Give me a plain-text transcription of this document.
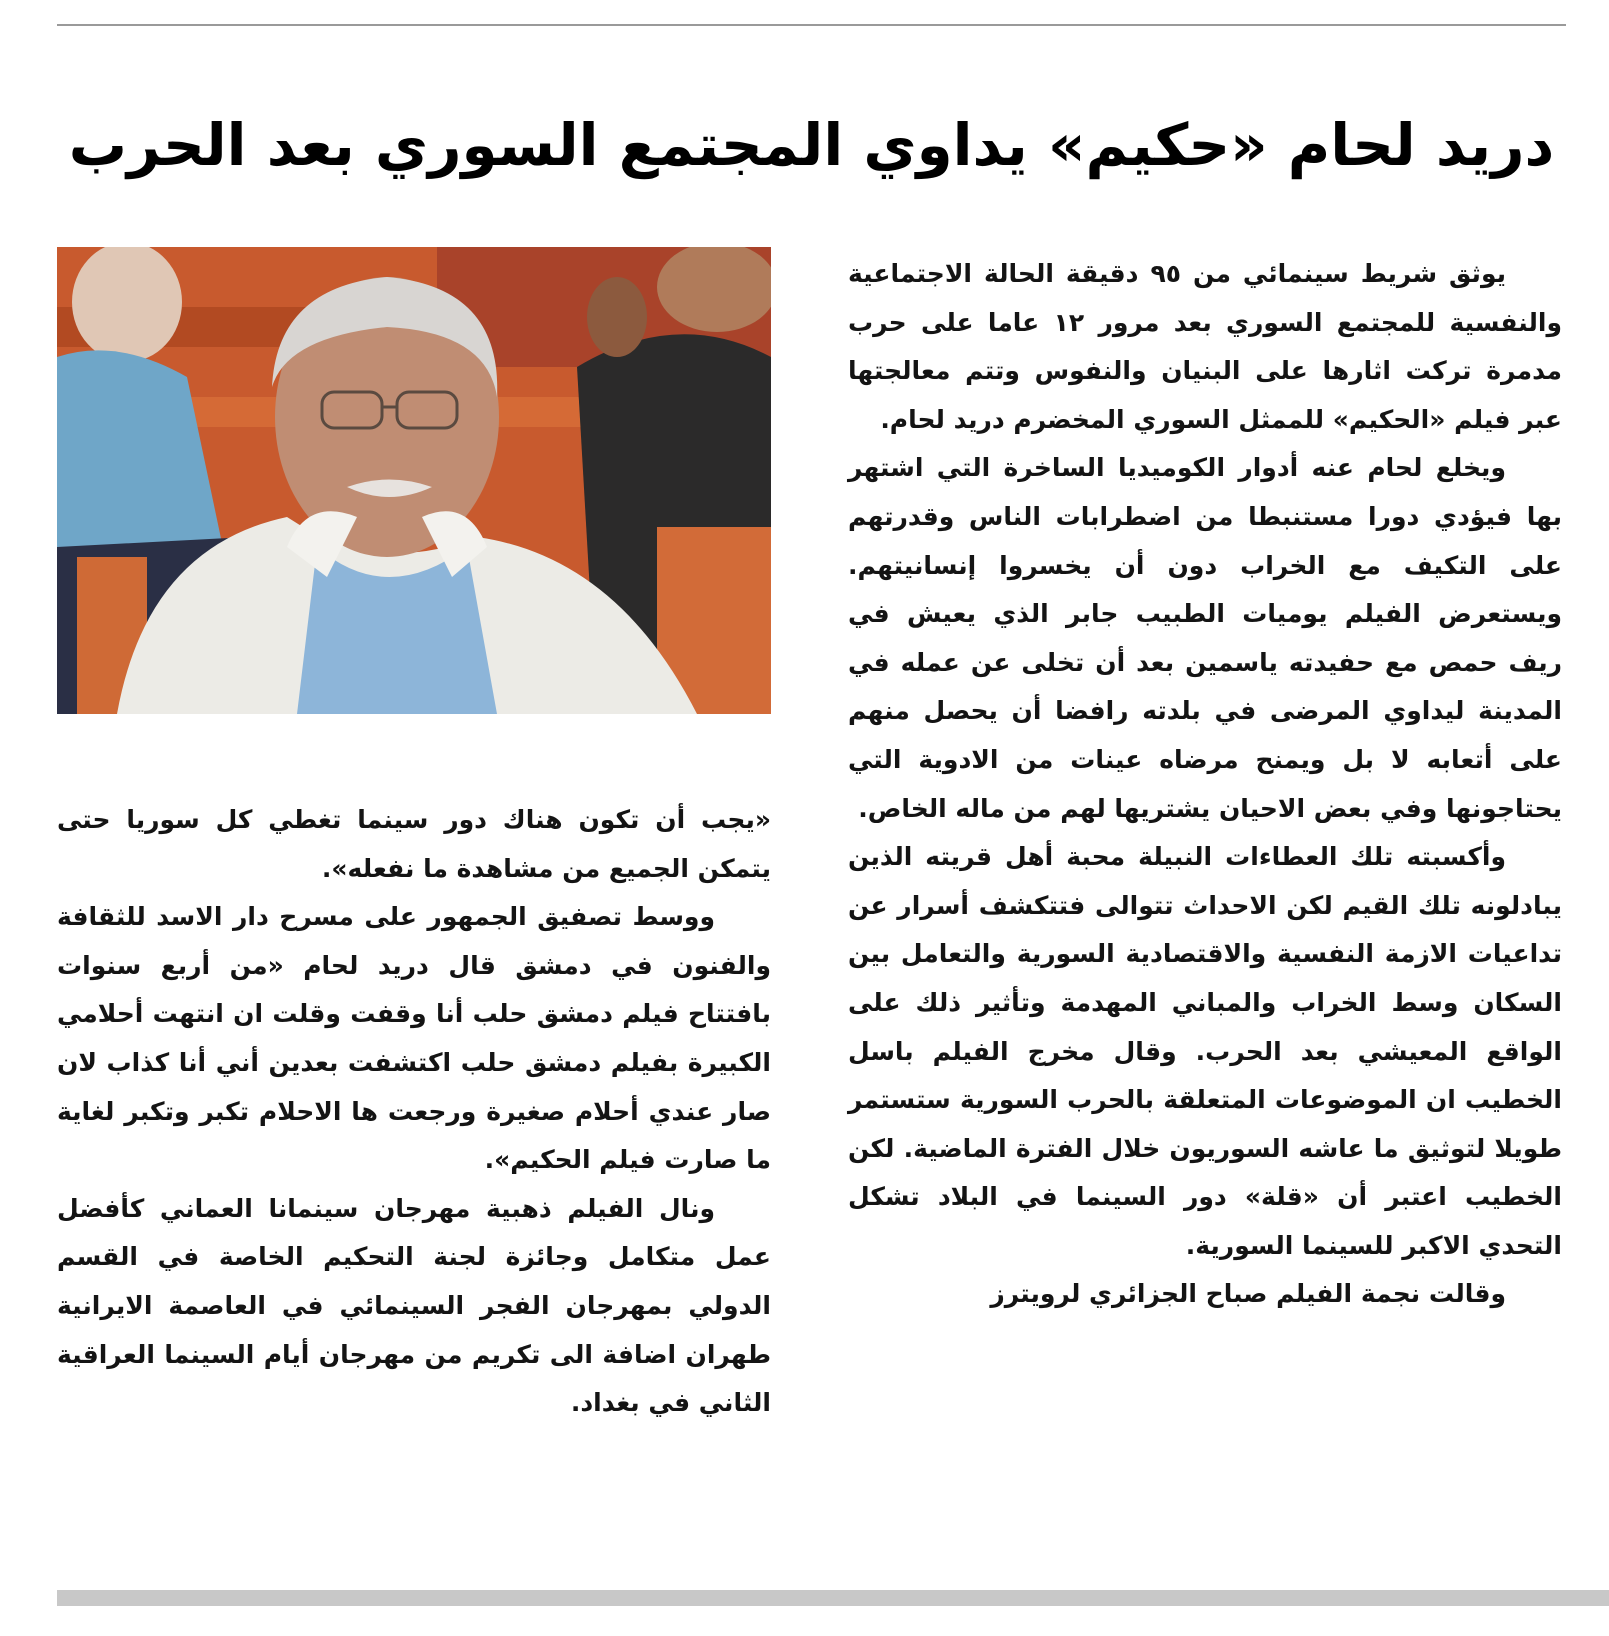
دريد لحام «حكيم» يداوي المجتمع السوري بعد الحرب

يوثق شريط سينمائي من ٩٥ دقيقة الحالة الاجتماعية والنفسية للمجتمع السوري بعد مرور ١٢ عاما على حرب مدمرة تركت اثارها على البنيان والنفوس وتتم معالجتها عبر فيلم «الحكيم» للممثل السوري المخضرم دريد لحام.

ويخلع لحام عنه أدوار الكوميديا الساخرة التي اشتهر بها فيؤدي دورا مستنبطا من اضطرابات الناس وقدرتهم على التكيف مع الخراب دون أن يخسروا إنسانيتهم. ويستعرض الفيلم يوميات الطبيب جابر الذي يعيش في ريف حمص مع حفيدته ياسمين بعد أن تخلى عن عمله في المدينة ليداوي المرضى في بلدته رافضا أن يحصل منهم على أتعابه لا بل ويمنح مرضاه عينات من الادوية التي يحتاجونها وفي بعض الاحيان يشتريها لهم من ماله الخاص.

وأكسبته تلك العطاءات النبيلة محبة أهل قريته الذين يبادلونه تلك القيم لكن الاحداث تتوالى فتتكشف أسرار عن تداعيات الازمة النفسية والاقتصادية السورية والتعامل بين السكان وسط الخراب والمباني المهدمة وتأثير ذلك على الواقع المعيشي بعد الحرب. وقال مخرج الفيلم باسل الخطيب ان الموضوعات المتعلقة بالحرب السورية ستستمر طويلا لتوثيق ما عاشه السوريون خلال الفترة الماضية. لكن الخطيب اعتبر أن «قلة» دور السينما في البلاد تشكل التحدي الاكبر للسينما السورية.

وقالت نجمة الفيلم صباح الجزائري لرويترز

«يجب أن تكون هناك دور سينما تغطي كل سوريا حتى يتمكن الجميع من مشاهدة ما نفعله».

ووسط تصفيق الجمهور على مسرح دار الاسد للثقافة والفنون في دمشق قال دريد لحام «من أربع سنوات بافتتاح فيلم دمشق حلب أنا وقفت وقلت ان انتهت أحلامي الكبيرة بفيلم دمشق حلب اكتشفت بعدين أني أنا كذاب لان صار عندي أحلام صغيرة ورجعت ها الاحلام تكبر وتكبر لغاية ما صارت فيلم الحكيم».

ونال الفيلم ذهبية مهرجان سينمانا العماني كأفضل عمل متكامل وجائزة لجنة التحكيم الخاصة في القسم الدولي بمهرجان الفجر السينمائي في العاصمة الايرانية طهران اضافة الى تكريم من مهرجان أيام السينما العراقية الثاني في بغداد.
